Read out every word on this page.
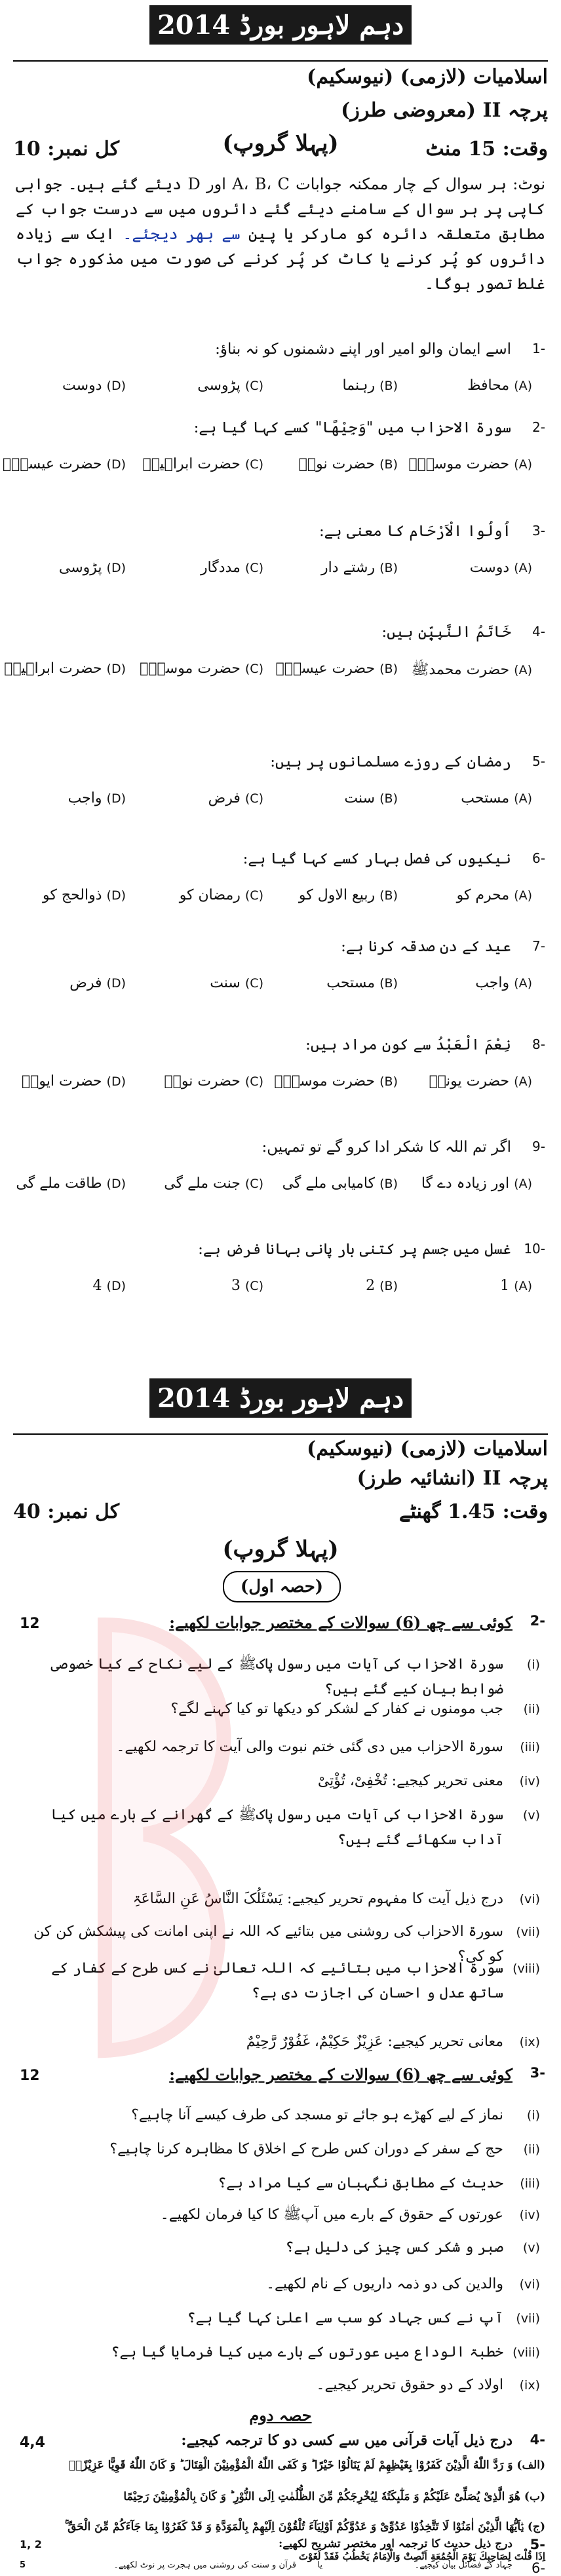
دہم لاہور بورڈ 2014
اسلامیات (لازمی) (نیوسکیم)
پرچہ II (معروضی طرز)
وقت: 15 منٹ
کل نمبر: 10	(پہلا گروپ)
نوٹ: ہر سوال کے چار ممکنہ جوابات A، B، C اور D دیئے گئے ہیں۔ جوابی کاپی پر ہر سوال کے سامنے دیئے گئے دائروں میں سے درست جواب کے مطابق متعلقہ دائرہ کو مارکر یا پین سے بھر دیجئے۔ ایک سے زیادہ دائروں کو پُر کرنے یا کاٹ کر پُر کرنے کی صورت میں مذکورہ جواب غلط تصور ہوگا۔
1-
اسے ایمان والو امیر اور اپنے دشمنوں کو نہ بناؤ:
(A) محافظ
(B) رہنما
(C) پڑوسی
(D) دوست
2-
سورۃ الاحزاب میں "وَجِیْھًا" کسے کہا گیا ہے:
(A) حضرت موسیٰؑ
(B) حضرت نوحؑ
(C) حضرت ابراہیمؑ
(D) حضرت عیسیٰؑ
3-
اُولُوا الْاَرْحَام کا معنی ہے:
(A) دوست
(B) رشتے دار
(C) مددگار
(D) پڑوسی
4-
خَاتَمُ النَّبِیّٖن ہیں:
(A) حضرت محمدﷺ
(B) حضرت عیسیٰؑ
(C) حضرت موسیٰؑ
(D) حضرت ابراہیمؑ
5-
رمضان کے روزے مسلمانوں پر ہیں:
(A) مستحب
(B) سنت
(C) فرض
(D) واجب
6-
نیکیوں کی فصل بہار کسے کہا گیا ہے:
(A) محرم کو
(B) ربیع الاول کو
(C) رمضان کو
(D) ذوالحج کو
7-
عید کے دن صدقہ کرنا ہے:
(A) واجب
(B) مستحب
(C) سنت
(D) فرض
8-
نِعْمَ الْعَبْدُ سے کون مراد ہیں:
(A) حضرت یونسؑ
(B) حضرت موسیٰؑ
(C) حضرت نوحؑ
(D) حضرت ایوبؑ
9-
اگر تم اللہ کا شکر ادا کرو گے تو تمہیں:
(A) اور زیادہ دے گا
(B) کامیابی ملے گی
(C) جنت ملے گی
(D) طاقت ملے گی
10-
غسل میں جسم پر کتنی بار پانی بہانا فرض ہے:
(A) 1
(B) 2
(C) 3
(D) 4
دہم لاہور بورڈ 2014
اسلامیات (لازمی) (نیوسکیم)
پرچہ II (انشائیہ طرز)
وقت: 1.45 گھنٹے
کل نمبر: 40
(پہلا گروپ)
(حصہ اول)
2-
کوئی سے چھ (6) سوالات کے مختصر جوابات لکھیے:
12
(i)
سورۃ الاحزاب کی آیات میں رسول پاکﷺ کے لیے نکاح کے کیا خصوصی ضوابط بیان کیے گئے ہیں؟
(ii)
جب مومنوں نے کفار کے لشکر کو دیکھا تو کیا کہنے لگے؟
(iii)
سورۃ الاحزاب میں دی گئی ختم نبوت والی آیت کا ترجمہ لکھیے۔
(iv)
معنی تحریر کیجیے: تُخْفِیْ، تُؤْتِیْ
(v)
سورۃ الاحزاب کی آیات میں رسول پاکﷺ کے گھرانے کے بارے میں کیا آداب سکھائے گئے ہیں؟
(vi)
درج ذیل آیت کا مفہوم تحریر کیجیے: یَسْئَلُکَ النَّاسُ عَنِ السَّاعَۃِ
(vii)
سورۃ الاحزاب کی روشنی میں بتائیے کہ اللہ نے اپنی امانت کی پیشکش کن کن کو کی؟
(viii)
سورۃ الاحزاب میں بتائیے کہ اللہ تعالیٰ نے کس طرح کے کفار کے ساتھ عدل و احسان کی اجازت دی ہے؟
(ix)
معانی تحریر کیجیے: عَزِیْزٌ حَکِیْمٌ، غَفُوْرٌ رَّحِیْمٌ
3-
کوئی سے چھ (6) سوالات کے مختصر جوابات لکھیے:
12
(i)
نماز کے لیے کھڑے ہو جائے تو مسجد کی طرف کیسے آنا چاہیے؟
(ii)
حج کے سفر کے دوران کس طرح کے اخلاق کا مظاہرہ کرنا چاہیے؟
(iii)
حدیث کے مطابق نگہبان سے کیا مراد ہے؟
(iv)
عورتوں کے حقوق کے بارے میں آپﷺ کا کیا فرمان لکھیے۔
(v)
صبر و شکر کس چیز کی دلیل ہے؟
(vi)
والدین کی دو ذمہ داریوں کے نام لکھیے۔
(vii)
آپ نے کس جہاد کو سب سے اعلیٰ کہا گیا ہے؟
(viii)
خطبۃ الوداع میں عورتوں کے بارے میں کیا فرمایا گیا ہے؟
(ix)
اولاد کے دو حقوق تحریر کیجیے۔
حصہ دوم
4-
درج ذیل آیات قرآنی میں سے کسی دو کا ترجمہ کیجیے:
4,4
(الف) وَ رَدَّ اللّٰهُ الَّذِیْنَ كَفَرُوْا بِغَیْظِهِمْ لَمْ یَنَالُوْا خَیْرًا ؕ وَ كَفَى اللّٰهُ الْمُؤْمِنِیْنَ الْقِتَالَ ؕ وَ كَانَ اللّٰهُ قَوِیًّا عَزِیْزًاۚ
(ب) هُوَ الَّذِیْ یُصَلِّیْ عَلَیْكُمْ وَ مَلٰٓىٕكَتُهٗ لِیُخْرِجَكُمْ مِّنَ الظُّلُمٰتِ اِلَى النُّوْرِ ؕ وَ كَانَ بِالْمُؤْمِنِیْنَ رَحِیْمًا
(ج) یٰۤاَیُّهَا الَّذِیْنَ اٰمَنُوْا لَا تَتَّخِذُوْا عَدُوِّیْ وَ عَدُوَّكُمْ اَوْلِیَآءَ تُلْقُوْنَ اِلَیْهِمْ بِالْمَوَدَّةِ وَ قَدْ كَفَرُوْا بِمَا جَآءَكُمْ مِّنَ الْحَقِّ ۚ
5-
درج ذیل حدیث کا ترجمہ اور مختصر تشریح لکھیے:
1, 2
اِذَا قُلْتَ لِصَاحِبِكَ یَوْمَ الْجُمُعَةِ اَنْصِتْ وَالْاِمَامُ یَخْطُبُ فَقَدْ لَغَوْتَ
6-
جہاد کے فضائل بیان کیجیے۔
یا
قرآن و سنت کی روشنی میں ہجرت پر نوٹ لکھیے۔
5
